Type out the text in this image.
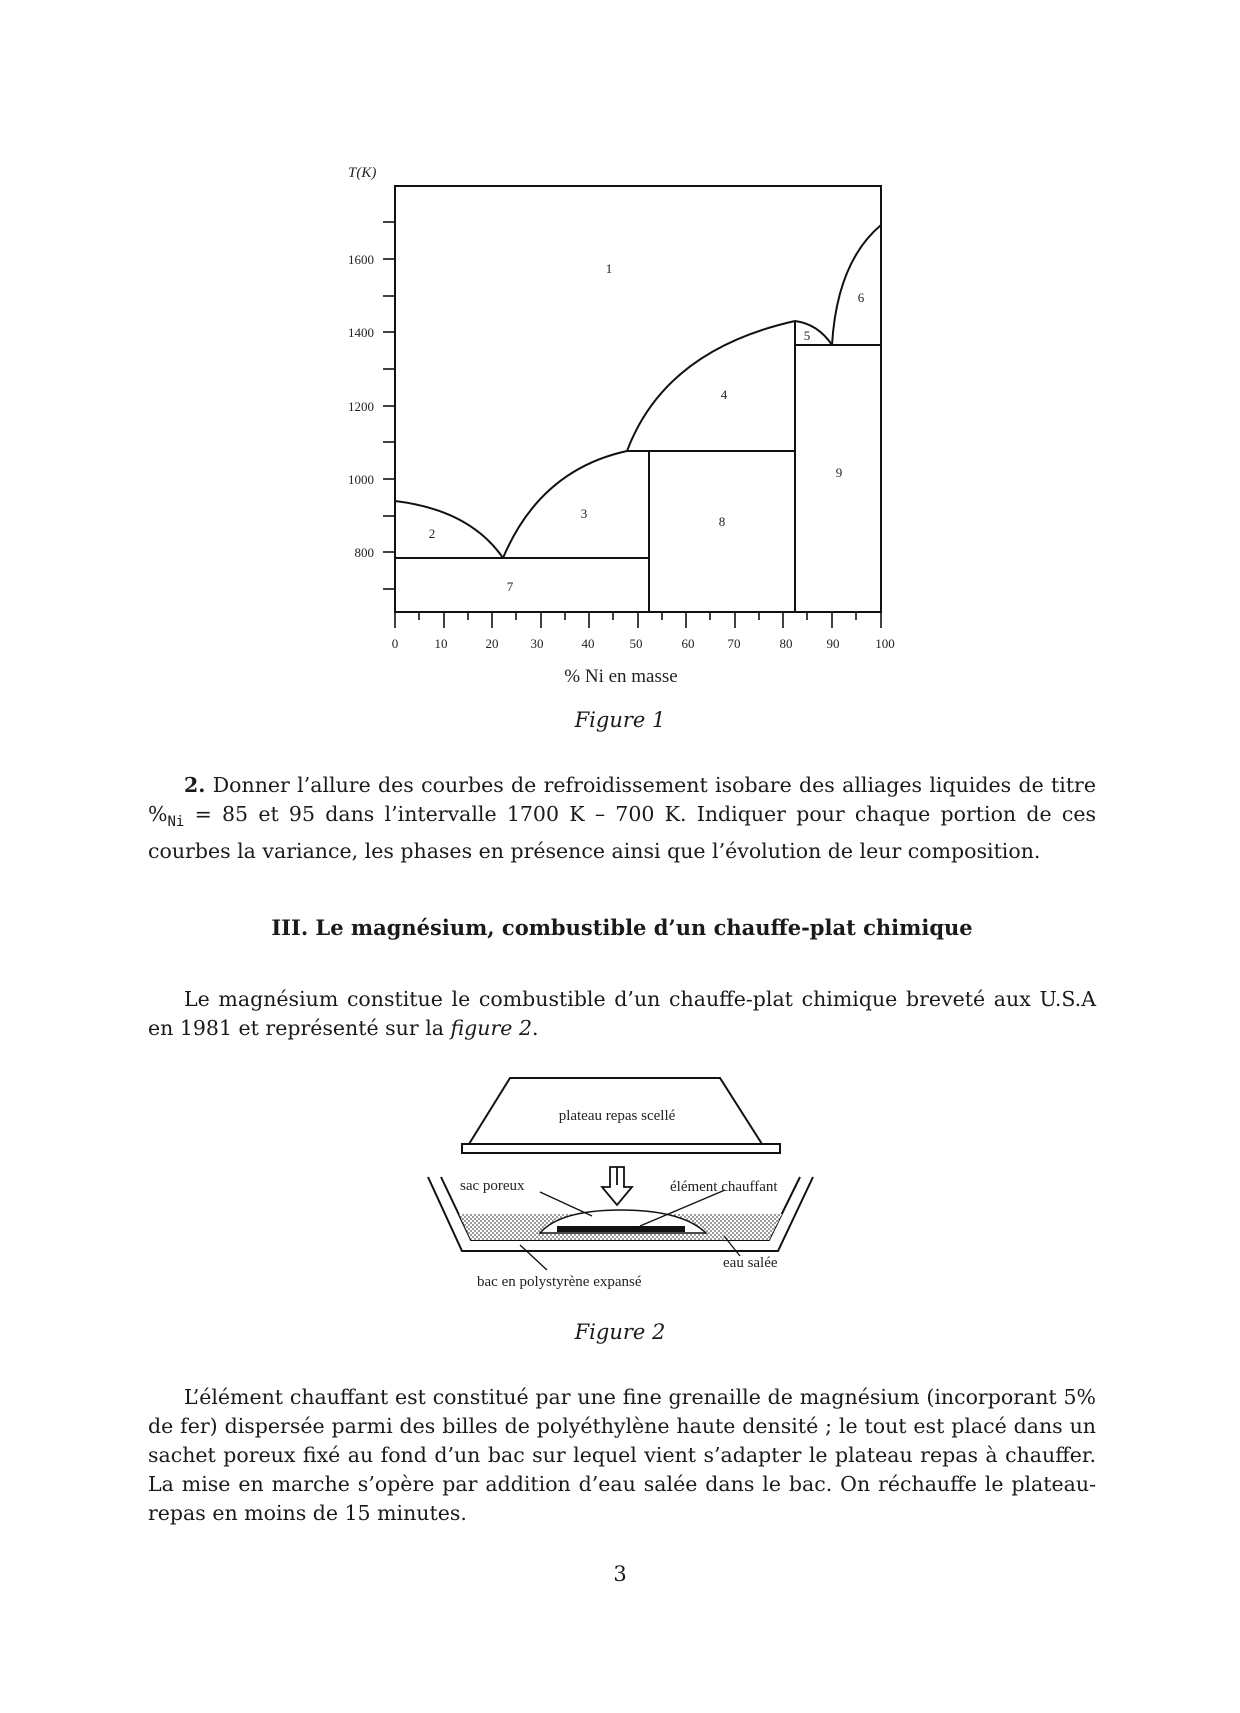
T(K)
1600
1400
1200
1000
800
0	10	20 30	40	50	60	70	80	90	100
1
2
3
4
5
6
7
8
9
% Ni en masse
Figure 1
2. Donner l’allure des courbes de refroidissement isobare des alliages liquides de titre $\%_{Ni} = 85$ et 95 dans l’intervalle 1700 K – 700 K. Indiquer pour chaque portion de ces courbes la variance, les phases en présence ainsi que l’évolution de leur composition.
III. Le magnésium, combustible d’un chauffe-plat chimique
Le magnésium constitue le combustible d’un chauffe-plat chimique breveté aux U.S.A en 1981 et représenté sur la figure 2.
plateau repas scellé
sac poreux	élément chauffant
eau salée
bac en polystyrène expansé
Figure 2
L’élément chauffant est constitué par une fine grenaille de magnésium (incorporant 5% de fer) dispersée parmi des billes de polyéthylène haute densité ; le tout est placé dans un sachet poreux fixé au fond d’un bac sur lequel vient s’adapter le plateau repas à chauffer. La mise en marche s’opère par addition d’eau salée dans le bac. On réchauffe le plateau-repas en moins de 15 minutes.
3
